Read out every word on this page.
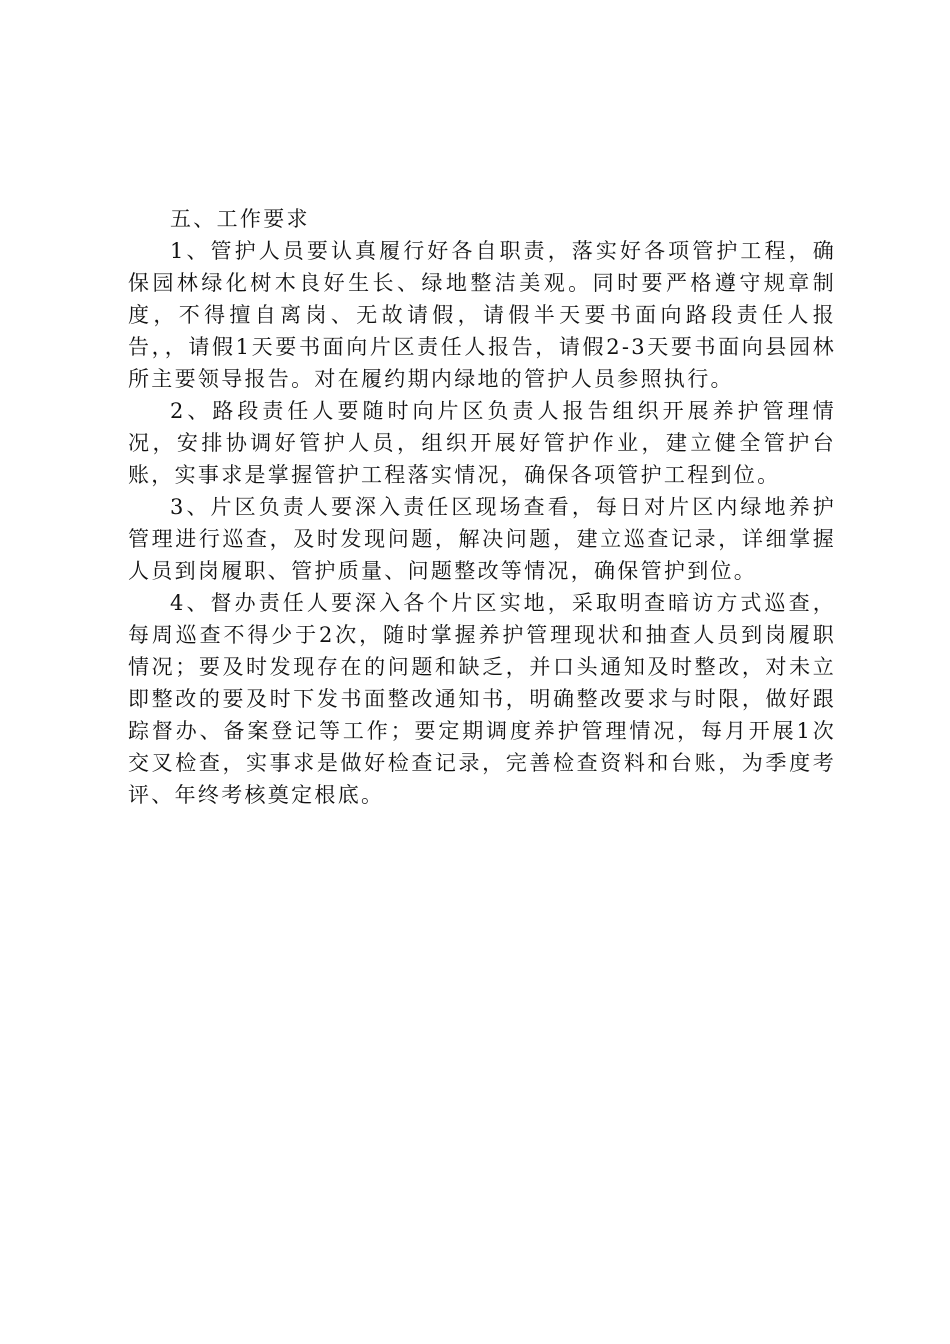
五、工作要求

1、管护人员要认真履行好各自职责，落实好各项管护工程，确保园林绿化树木良好生长、绿地整洁美观。同时要严格遵守规章制度，不得擅自离岗、无故请假，请假半天要书面向路段责任人报告，，请假1天要书面向片区责任人报告，请假2-3天要书面向县园林所主要领导报告。对在履约期内绿地的管护人员参照执行。

2、路段责任人要随时向片区负责人报告组织开展养护管理情况，安排协调好管护人员，组织开展好管护作业，建立健全管护台账，实事求是掌握管护工程落实情况，确保各项管护工程到位。

3、片区负责人要深入责任区现场查看，每日对片区内绿地养护管理进行巡查，及时发现问题，解决问题，建立巡查记录，详细掌握人员到岗履职、管护质量、问题整改等情况，确保管护到位。

4、督办责任人要深入各个片区实地，采取明查暗访方式巡查，每周巡查不得少于2次，随时掌握养护管理现状和抽查人员到岗履职情况；要及时发现存在的问题和缺乏，并口头通知及时整改，对未立即整改的要及时下发书面整改通知书，明确整改要求与时限，做好跟踪督办、备案登记等工作；要定期调度养护管理情况，每月开展1次交叉检查，实事求是做好检查记录，完善检查资料和台账，为季度考评、年终考核奠定根底。
